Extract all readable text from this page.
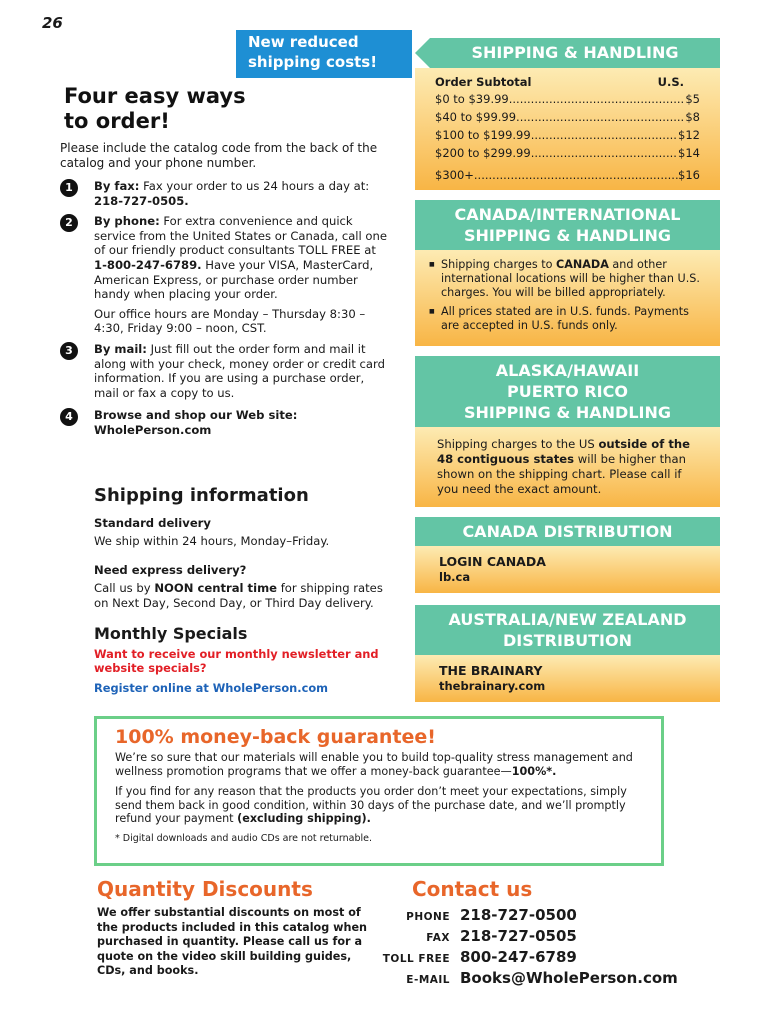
26
New reduced
shipping costs!
Four easy ways
to order!

Please include the catalog code from the back of the catalog and your phone number.

1	By fax: Fax your order to us 24 hours a day at: 218-727-0505.
2	By phone: For extra convenience and quick service from the United States or Canada, call one of our friendly product consultants TOLL FREE at 1-800-247-6789. Have your VISA, MasterCard, American Express, or purchase order number handy when placing your order.
Our office hours are Monday – Thursday 8:30 – 4:30, Friday 9:00 – noon, CST.
3	By mail: Just fill out the order form and mail it along with your check, money order or credit card information. If you are using a purchase order, mail or fax a copy to us.
4	Browse and shop our Web site: WholePerson.com
Shipping information
Standard delivery

We ship within 24 hours, Monday–Friday.

Need express delivery?

Call us by NOON central time for shipping rates on Next Day, Second Day, or Third Day delivery.

Monthly Specials
Want to receive our monthly newsletter and website specials?
Register online at WholePerson.com
SHIPPING & HANDLING
Order Subtotal	U.S.
$0 to $39.99 .....	$5
$40 to $99.99 .....	$8
$100 to $199.99 .....	$12
$200 to $299.99 .....	$14
$300+ .....	$16
CANADA/INTERNATIONAL
SHIPPING & HANDLING
■ Shipping charges to CANADA and other international locations will be higher than U.S. charges. You will be billed appropriately.
■ All prices stated are in U.S. funds. Payments are accepted in U.S. funds only.
ALASKA/HAWAII
PUERTO RICO
SHIPPING & HANDLING
Shipping charges to the US outside of the 48 contiguous states will be higher than shown on the shipping chart. Please call if you need the exact amount.
CANADA DISTRIBUTION
LOGIN CANADA
lb.ca
AUSTRALIA/NEW ZEALAND
DISTRIBUTION
THE BRAINARY
thebrainary.com
100% money-back guarantee!

We’re so sure that our materials will enable you to build top-quality stress management and wellness promotion programs that we offer a money-back guarantee—100%*.

If you find for any reason that the products you order don’t meet your expectations, simply send them back in good condition, within 30 days of the purchase date, and we’ll promptly refund your payment (excluding shipping).

* Digital downloads and audio CDs are not returnable.

Quantity Discounts

We offer substantial discounts on most of the products included in this catalog when purchased in quantity. Please call us for a quote on the video skill building guides, CDs, and books.

Contact us
PHONE 218-727-0500
FAX 218-727-0505
TOLL FREE 800-247-6789
E-MAIL Books@WholePerson.com
